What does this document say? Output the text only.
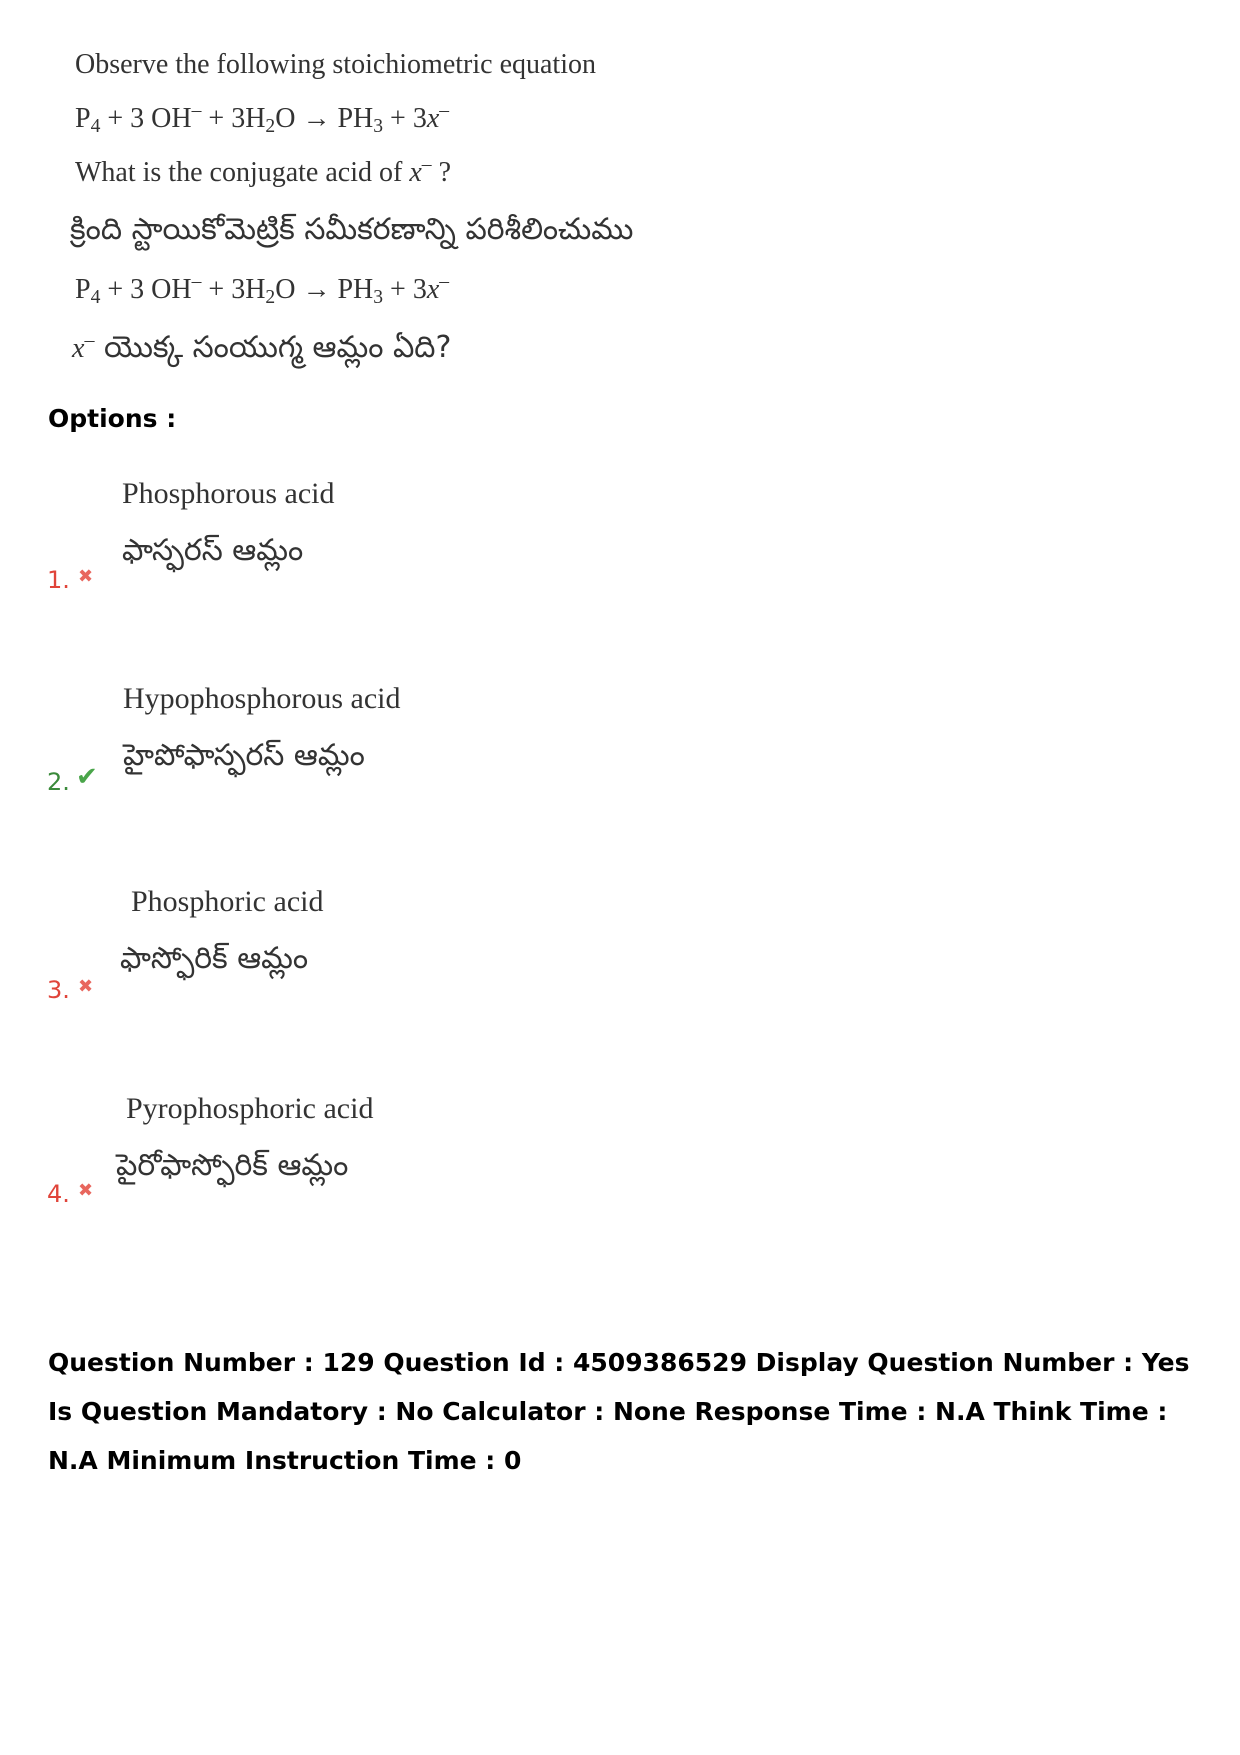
Observe the following stoichiometric equation
$P_4 + 3$ $OH^- + 3H_2O \to PH_3 + 3x^-$
What is the conjugate acid of x– ?
క్రింది స్టాయికోమెట్రిక్ సమీకరణాన్ని పరిశీలించుము
$P_4 + 3$ $OH^- + 3H_2O \to PH_3 + 3x^-$
x– యొక్క సంయుగ్మ ఆమ్లం ఏది?
Options :
Phosphorous acid
ఫాస్ఫరస్ ఆమ్లం
1. ✖
Hypophosphorous acid
హైపోఫాస్ఫరస్ ఆమ్లం
2. ✔
Phosphoric acid
ఫాస్ఫోరిక్ ఆమ్లం
3. ✖
Pyrophosphoric acid
పైరోఫాస్ఫోరిక్ ఆమ్లం
4. ✖
Question Number : 129 Question Id : 4509386529 Display Question Number : Yes Is Question Mandatory : No Calculator : None Response Time : N.A Think Time : N.A Minimum Instruction Time : 0
